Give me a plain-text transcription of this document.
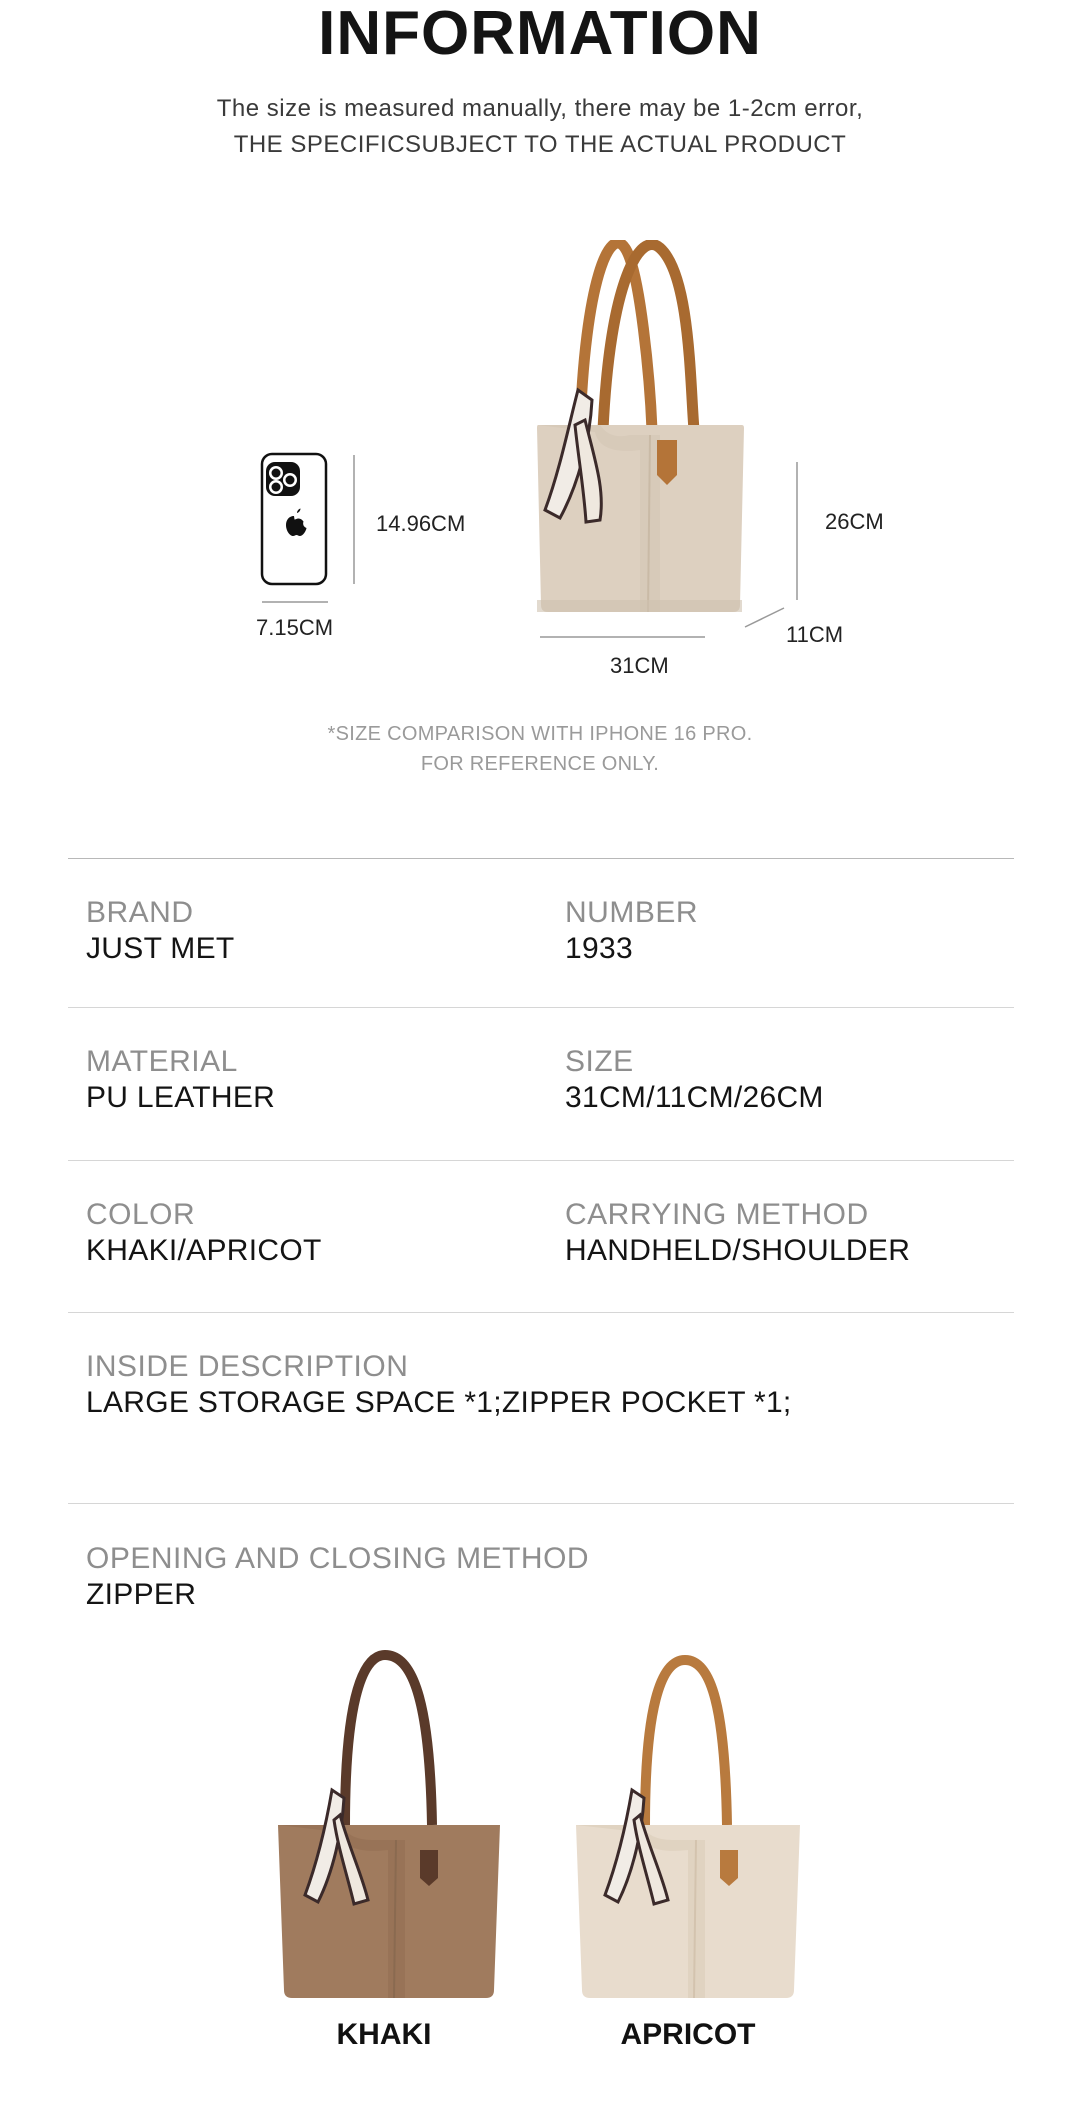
INFORMATION
The size is measured manually, there may be 1-2cm error,
THE SPECIFICSUBJECT TO THE ACTUAL PRODUCT
14.96CM
7.15CM
26CM
11CM
31CM
*SIZE COMPARISON WITH IPHONE 16 PRO.
FOR REFERENCE ONLY.
BRAND
JUST MET
NUMBER
1933
MATERIAL
PU LEATHER
SIZE
31CM/11CM/26CM
COLOR
KHAKI/APRICOT
CARRYING METHOD
HANDHELD/SHOULDER
INSIDE DESCRIPTION
LARGE STORAGE SPACE *1;ZIPPER POCKET *1;
OPENING AND CLOSING METHOD
ZIPPER
KHAKI	APRICOT
